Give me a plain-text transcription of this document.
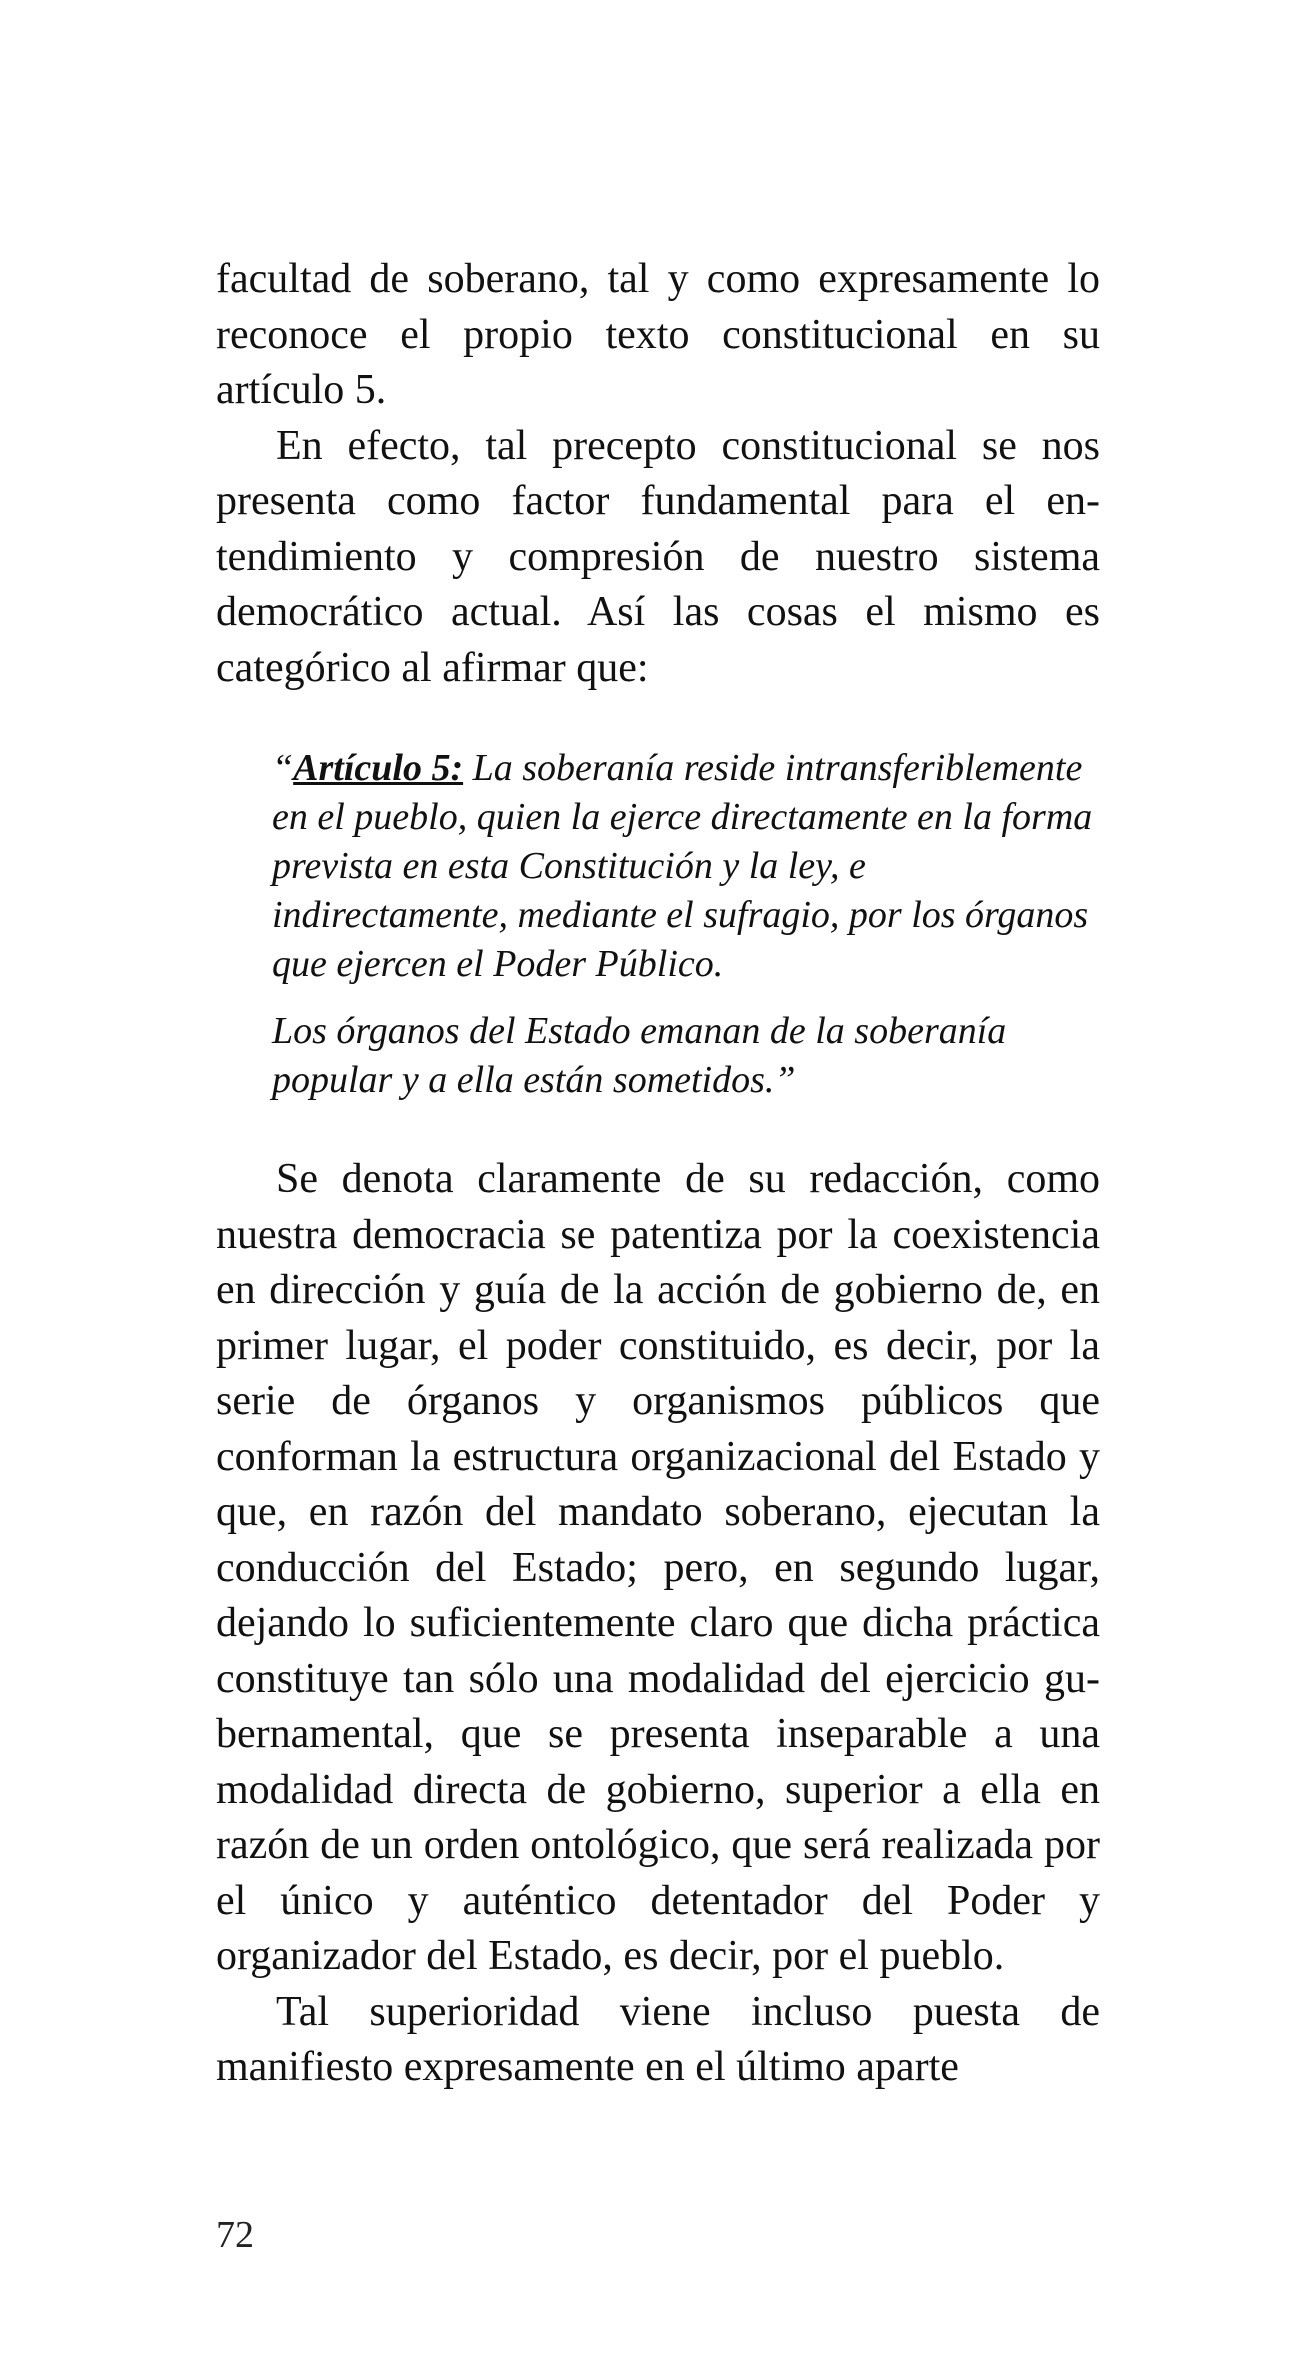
facultad de soberano, tal y como expresamente lo reconoce el propio texto constitucional en su artículo 5.

En efecto, tal precepto constitucional se nos presenta como factor fundamental para el entendimiento y compresión de nuestro sistema democrático actual. Así las cosas el mismo es categórico al afirmar que:

“Artículo 5: La soberanía reside intransferiblemente en el pueblo, quien la ejerce directamente en la forma prevista en esta Constitución y la ley, e indirectamente, mediante el sufragio, por los órganos que ejercen el Poder Público.

Los órganos del Estado emanan de la soberanía popular y a ella están sometidos.”

Se denota claramente de su redacción, como nuestra democracia se patentiza por la coexistencia en dirección y guía de la acción de gobierno de, en primer lugar, el poder constituido, es decir, por la serie de órganos y organismos públicos que conforman la estructura organizacional del Estado y que, en razón del mandato soberano, ejecutan la conducción del Estado; pero, en segundo lugar, dejando lo suficientemente claro que dicha práctica constituye tan sólo una modalidad del ejercicio gubernamental, que se presenta inseparable a una modalidad directa de gobierno, superior a ella en razón de un orden ontológico, que será realizada por el único y auténtico detentador del Poder y organizador del Estado, es decir, por el pueblo.

Tal superioridad viene incluso puesta de manifiesto expresamente en el último aparte

72
